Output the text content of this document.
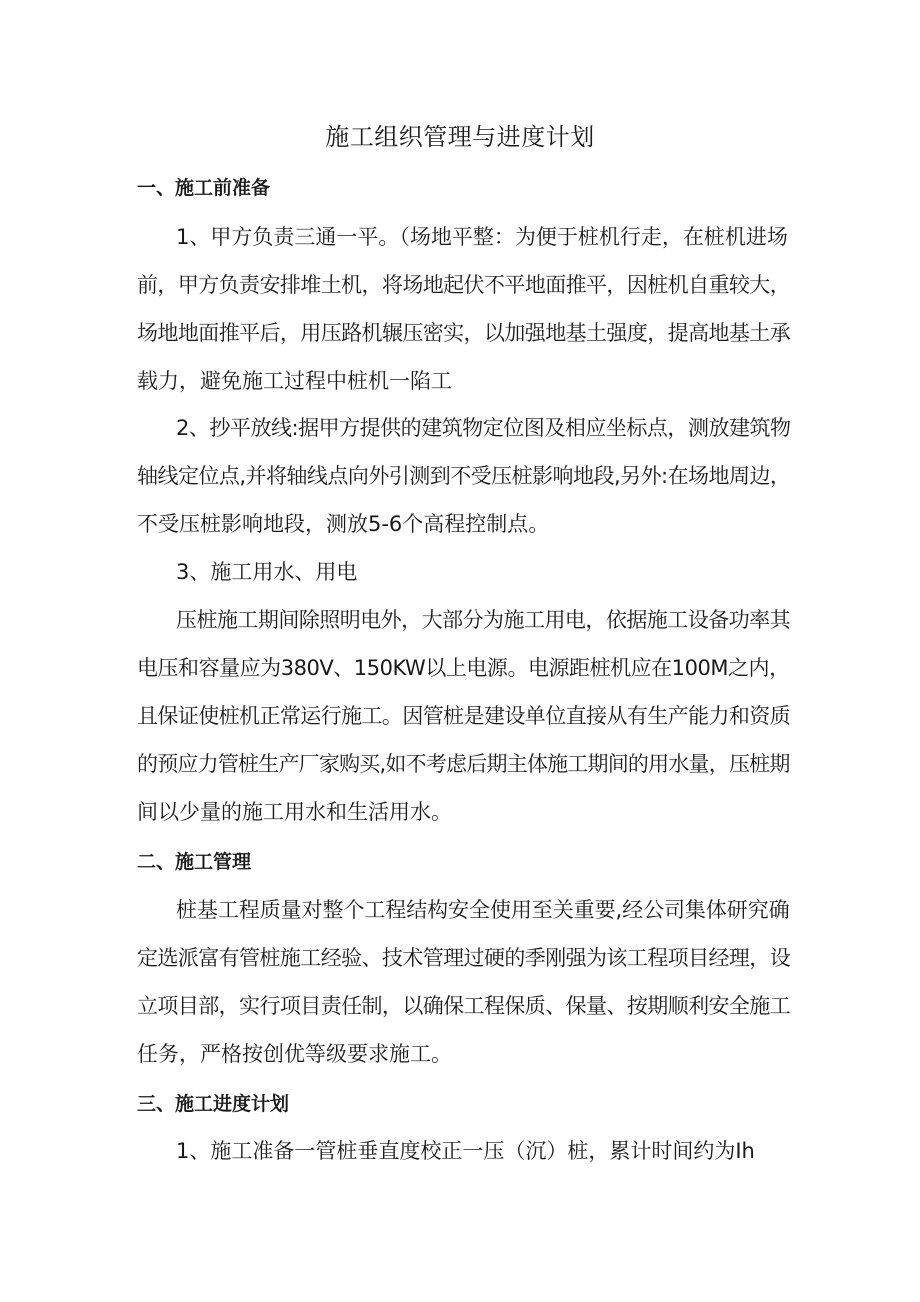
施工组织管理与进度计划
一、施工前准备
1、甲方负责三通一平。（场地平整：为便于桩机行走，在桩机进场
前，甲方负责安排堆土机，将场地起伏不平地面推平，因桩机自重较大，
场地地面推平后，用压路机辗压密实，以加强地基土强度，提高地基土承
载力，避免施工过程中桩机一陷工
2、抄平放线:据甲方提供的建筑物定位图及相应坐标点，测放建筑物
轴线定位点,并将轴线点向外引测到不受压桩影响地段,另外:在场地周边，
不受压桩影响地段，测放5-6个高程控制点。
3、施工用水、用电
压桩施工期间除照明电外，大部分为施工用电，依据施工设备功率其
电压和容量应为380V、150KW以上电源。电源距桩机应在100M之内，
且保证使桩机正常运行施工。因管桩是建设单位直接从有生产能力和资质
的预应力管桩生产厂家购买,如不考虑后期主体施工期间的用水量，压桩期
间以少量的施工用水和生活用水。
二、施工管理
桩基工程质量对整个工程结构安全使用至关重要,经公司集体研究确
定选派富有管桩施工经验、技术管理过硬的季刚强为该工程项目经理，设
立项目部，实行项目责任制，以确保工程保质、保量、按期顺利安全施工
任务，严格按创优等级要求施工。
三、施工进度计划
1、施工准备一管桩垂直度校正一压（沉）桩，累计时间约为Ih
